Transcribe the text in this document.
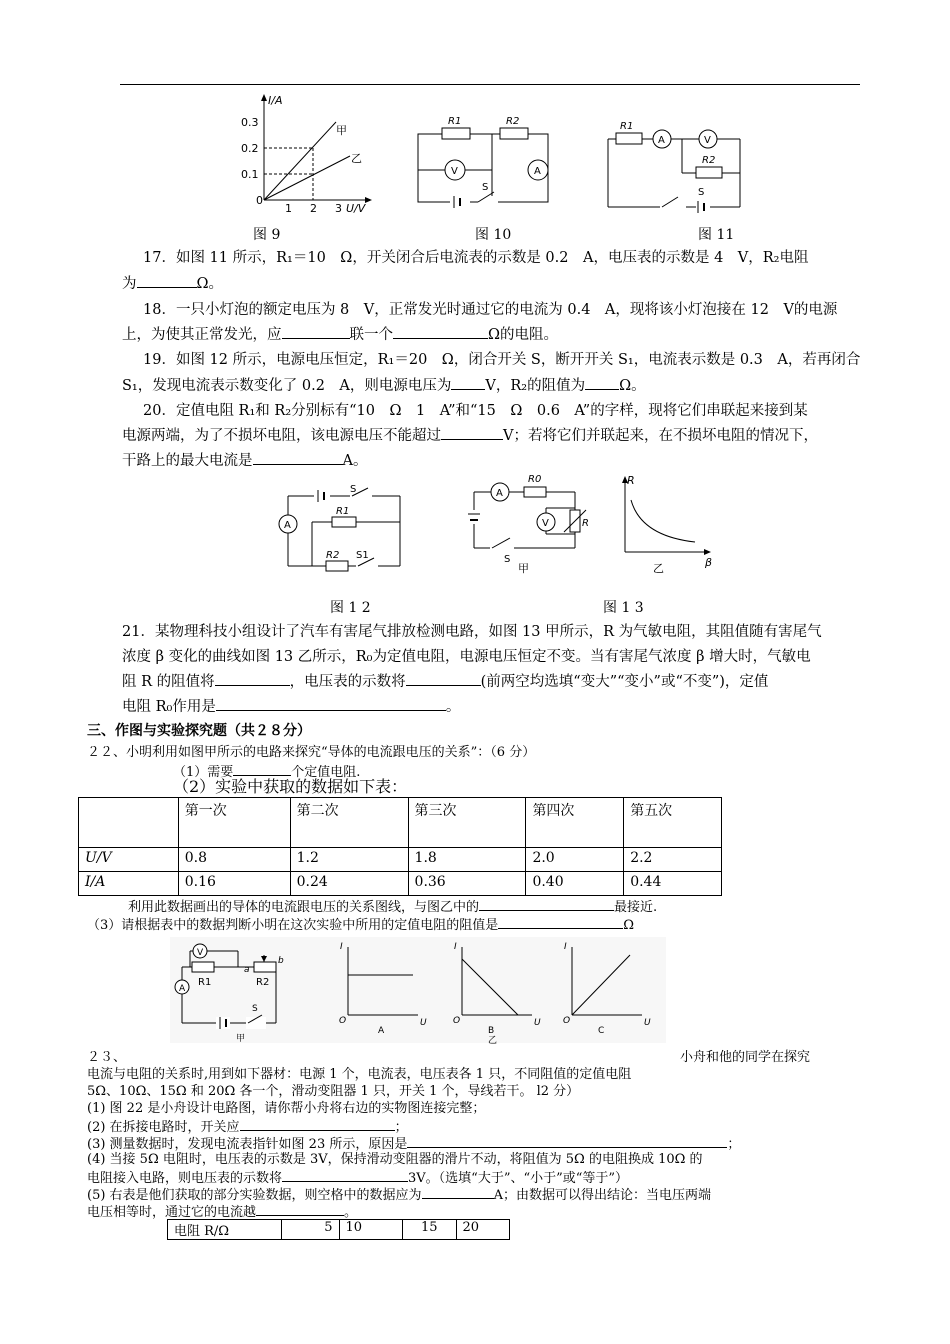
I/A
0.3
0.2
0.1
0
1 2 3 U/V
甲
乙
图 9
R1	R2
V	A
S
图 10
R1
A	V
R2
S
图 11
17．如图 11 所示，R₁＝10　Ω，开关闭合后电流表的示数是 0.2　A，电压表的示数是 4　V，R₂电阻
为	Ω。
18．一只小灯泡的额定电压为 8　V，正常发光时通过它的电流为 0.4　A，现将该小灯泡接在 12　V的电源
上，为使其正常发光，应	联一个	Ω的电阻。
19．如图 12 所示，电源电压恒定，R₁＝20　Ω，闭合开关 S，断开开关 S₁，电流表示数是 0.3　A，若再闭合
S₁，发现电流表示数变化了 0.2　A，则电源电压为 V，R₂的阻值为 Ω。
20．定值电阻 R₁和 R₂分别标有“10　Ω　1　A”和“15　Ω　0.6　A”的字样，现将它们串联起来接到某
电源两端，为了不损坏电阻，该电源电压不能超过	V；若将它们并联起来，在不损坏电阻的情况下，
干路上的最大电流是	A。
S
A
R1
R2 S1
A
R0
V	R
S
甲
R
β
乙
图 1 2	图 1 3
21．某物理科技小组设计了汽车有害尾气排放检测电路，如图 13 甲所示，R 为气敏电阻，其阻值随有害尾气
浓度 β 变化的曲线如图 13 乙所示，R₀为定值电阻，电源电压恒定不变。当有害尾气浓度 β 增大时，气敏电
阻 R 的阻值将	，电压表的示数将	(前两空均选填“变大”“变小”或“不变”)，定值
电阻 R₀作用是	。
三、作图与实验探究题（共２８分）
２２、小明利用如图甲所示的电路来探究“导体的电流跟电压的关系”：（6 分）
（1）需要	个定值电阻.
（2）实验中获取的数据如下表：
	第一次	第二次	第三次	第四次	第五次
U/V	0.8	1.2	1.8	2.0	2.2
I/A	0.16	0.24	0.36	0.40	0.44
利用此数据画出的导体的电流跟电压的关系图线，与图乙中的	最接近.
（3）请根据表中的数据判断小明在这次实验中所用的定值电阻的阻值是	Ω
V
A
R1	R2
a
b
S
甲
I
O	U
A
I
O	U
A
B
乙
I
O	U
C
２３、	小舟和他的同学在探究
电流与电阻的关系时,用到如下器材：电源 1 个，电流表，电压表各 1 只，不同阻值的定值电阻
5Ω、10Ω、15Ω 和 20Ω 各一个，滑动变阻器 1 只，开关 1 个，导线若干。 l2 分）
(1) 图 22 是小舟设计电路图，请你帮小舟将右边的实物图连接完整；
(2) 在拆接电路时，开关应	；
(3) 测量数据时，发现电流表指针如图 23 所示，原因是	；
(4) 当接 5Ω 电阻时，电压表的示数是 3V，保持滑动变阻器的滑片不动，将阻值为 5Ω 的电阻换成 10Ω 的
电阻接入电路，则电压表的示数将	3V。（选填“大于”、“小于”或“等于”）
(5) 右表是他们获取的部分实验数据，则空格中的数据应为	A；由数据可以得出结论：当电压两端
电压相等时，通过它的电流越	。
电阻 R/Ω	5	10	15	20
